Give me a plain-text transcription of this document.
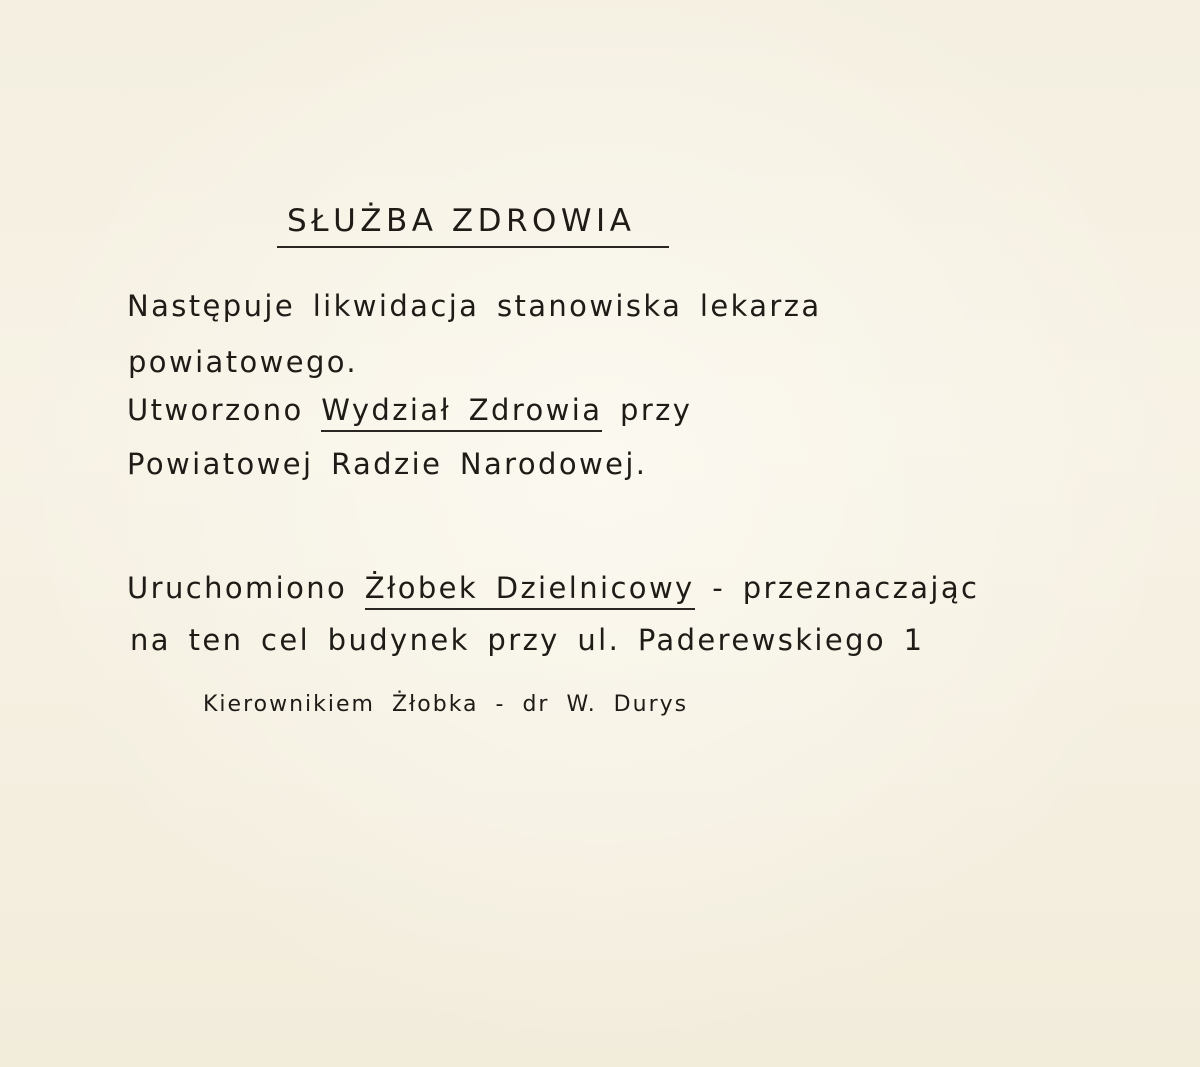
SŁUŻBA ZDROWIA
Następuje likwidacja stanowiska lekarza
powiatowego.
Utworzono Wydział Zdrowia przy
Powiatowej Radzie Narodowej.
Uruchomiono Żłobek Dzielnicowy - przeznaczając
na ten cel budynek przy ul. Paderewskiego 1
Kierownikiem Żłobka - dr W. Durys
